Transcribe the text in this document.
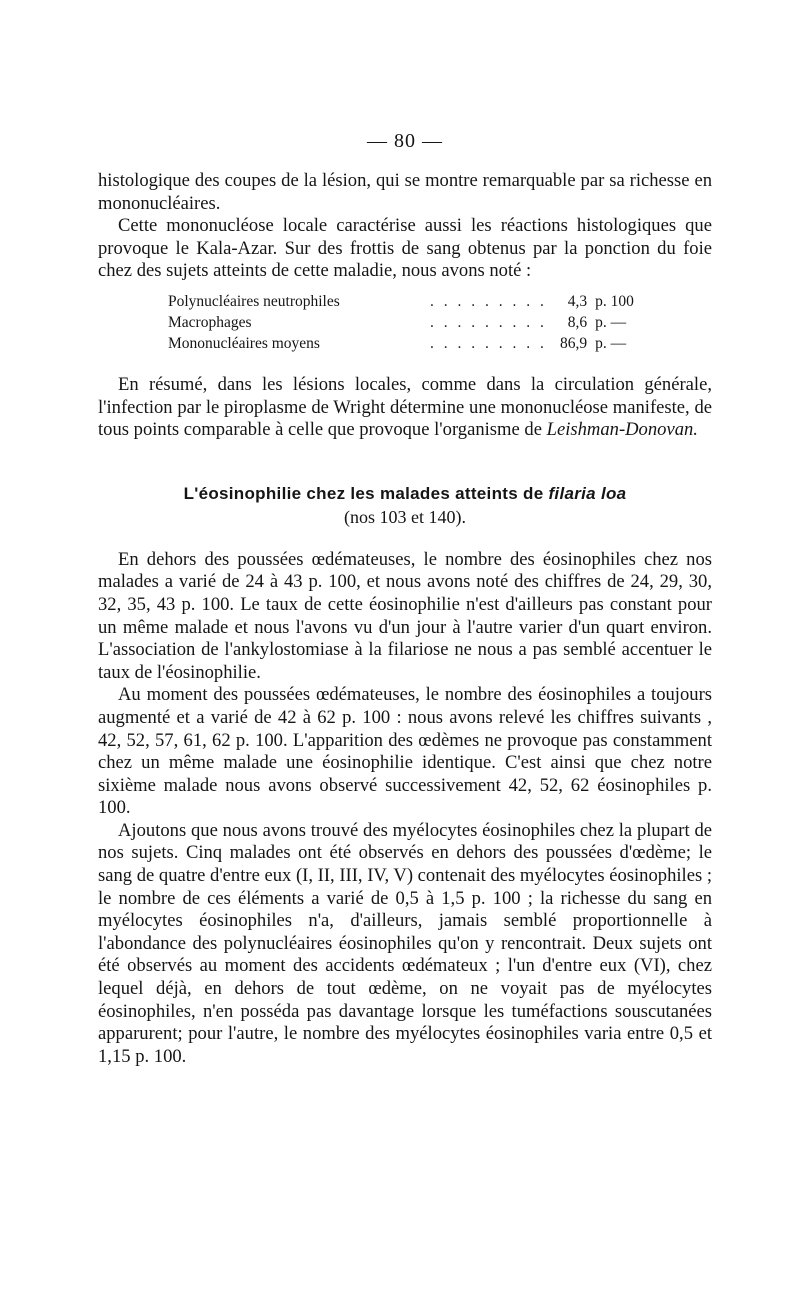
— 80 —

histologique des coupes de la lésion, qui se montre remarquable par sa richesse en mononucléaires.

Cette mononucléose locale caractérise aussi les réactions histologiques que provoque le Kala-Azar. Sur des frottis de sang obtenus par la ponction du foie chez des sujets atteints de cette maladie, nous avons noté :

Polynucléaires neutrophiles	. . . . . . . . .	4,3	p. 100
Macrophages	. . . . . . . . .	8,6	p. —
Mononucléaires moyens	. . . . . . . . .	86,9	p. —

En résumé, dans les lésions locales, comme dans la circulation générale, l'infection par le piroplasme de Wright détermine une mononucléose manifeste, de tous points comparable à celle que provoque l'organisme de Leishman-Donovan.

L'éosinophilie chez les malades atteints de filaria loa
(nos 103 et 140).

En dehors des poussées œdémateuses, le nombre des éosinophiles chez nos malades a varié de 24 à 43 p. 100, et nous avons noté des chiffres de 24, 29, 30, 32, 35, 43 p. 100. Le taux de cette éosinophilie n'est d'ailleurs pas constant pour un même malade et nous l'avons vu d'un jour à l'autre varier d'un quart environ. L'association de l'ankylostomiase à la filariose ne nous a pas semblé accentuer le taux de l'éosinophilie.

Au moment des poussées œdémateuses, le nombre des éosinophiles a toujours augmenté et a varié de 42 à 62 p. 100 : nous avons relevé les chiffres suivants , 42, 52, 57, 61, 62 p. 100. L'apparition des œdèmes ne provoque pas constamment chez un même malade une éosinophilie identique. C'est ainsi que chez notre sixième malade nous avons observé successivement 42, 52, 62 éosinophiles p. 100.

Ajoutons que nous avons trouvé des myélocytes éosinophiles chez la plupart de nos sujets. Cinq malades ont été observés en dehors des poussées d'œdème; le sang de quatre d'entre eux (I, II, III, IV, V) contenait des myélocytes éosinophiles ; le nombre de ces éléments a varié de 0,5 à 1,5 p. 100 ; la richesse du sang en myélocytes éosinophiles n'a, d'ailleurs, jamais semblé proportionnelle à l'abondance des polynucléaires éosinophiles qu'on y rencontrait. Deux sujets ont été observés au moment des accidents œdémateux ; l'un d'entre eux (VI), chez lequel déjà, en dehors de tout œdème, on ne voyait pas de myélocytes éosinophiles, n'en posséda pas davantage lorsque les tuméfactions souscutanées apparurent; pour l'autre, le nombre des myélocytes éosinophiles varia entre 0,5 et 1,15 p. 100.
